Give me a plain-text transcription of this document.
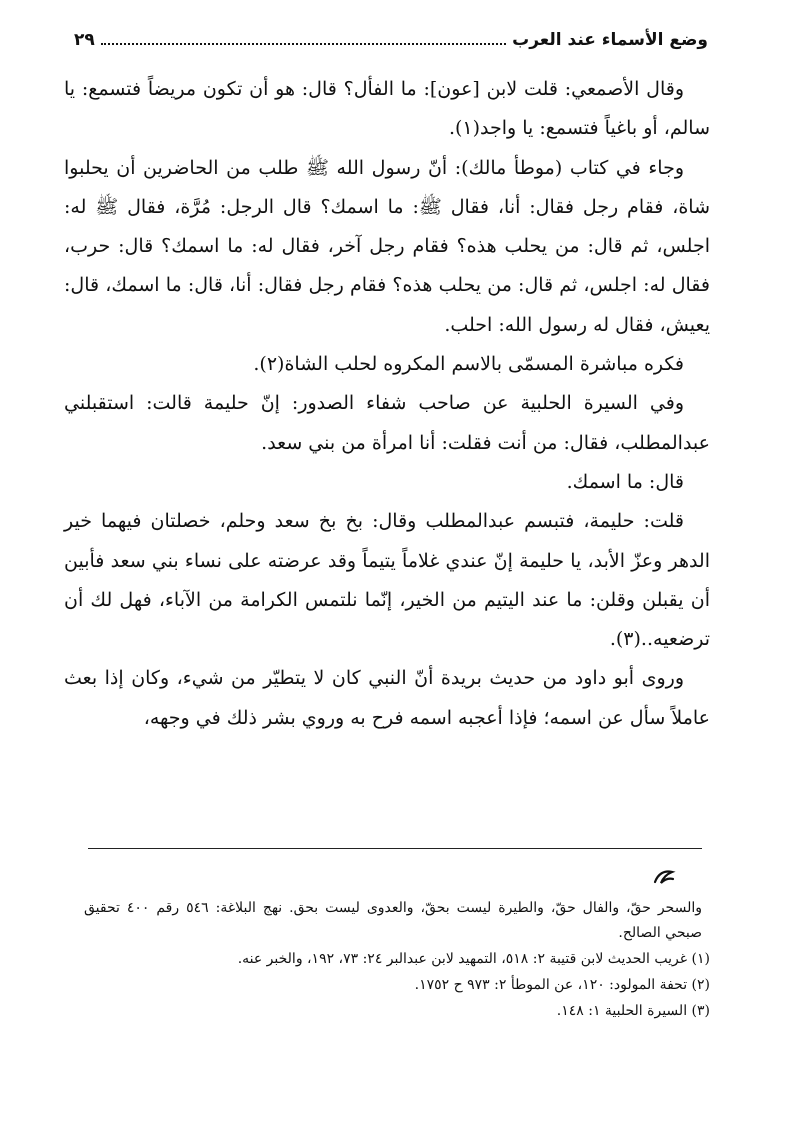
وضع الأسماء عند العرب
٢٩

وقال الأصمعي: قلت لابن [عون]: ما الفأل؟ قال: هو أن تكون مريضاً فتسمع: يا سالم، أو باغياً فتسمع: يا واجد(١).

وجاء في كتاب (موطأ مالك): أنّ رسول الله ﷺ طلب من الحاضرين أن يحلبوا شاة، فقام رجل فقال: أنا، فقال ﷺ: ما اسمك؟ قال الرجل: مُرَّة، فقال ﷺ له: اجلس، ثم قال: من يحلب هذه؟ فقام رجل آخر، فقال له: ما اسمك؟ قال: حرب، فقال له: اجلس، ثم قال: من يحلب هذه؟ فقام رجل فقال: أنا، قال: ما اسمك، قال: يعيش، فقال له رسول الله: احلب.

فكره مباشرة المسمّى بالاسم المكروه لحلب الشاة(٢).

وفي السيرة الحلبية عن صاحب شفاء الصدور: إنّ حليمة قالت: استقبلني عبدالمطلب، فقال: من أنت فقلت: أنا امرأة من بني سعد.

قال: ما اسمك.

قلت: حليمة، فتبسم عبدالمطلب وقال: بخ بخ سعد وحلم، خصلتان فيهما خير الدهر وعزّ الأبد، يا حليمة إنّ عندي غلاماً يتيماً وقد عرضته على نساء بني سعد فأبين أن يقبلن وقلن: ما عند اليتيم من الخير، إنّما نلتمس الكرامة من الآباء، فهل لك أن ترضعيه..(٣).

وروى أبو داود من حديث بريدة أنّ النبي كان لا يتطيّر من شيء، وكان إذا بعث عاملاً سأل عن اسمه؛ فإذا أعجبه اسمه فرح به وروي بشر ذلك في وجهه،

والسحر حقّ، والفال حقّ، والطيرة ليست بحقّ، والعدوى ليست بحق. نهج البلاغة: ٥٤٦ رقم ٤٠٠ تحقيق صبحي الصالح.

(١) غريب الحديث لابن قتيبة ٢: ٥١٨، التمهيد لابن عبدالبر ٢٤: ٧٣، ١٩٢، والخبر عنه.

(٢) تحفة المولود: ١٢٠، عن الموطأ ٢: ٩٧٣ ح ١٧٥٢.

(٣) السيرة الحلبية ١: ١٤٨.
